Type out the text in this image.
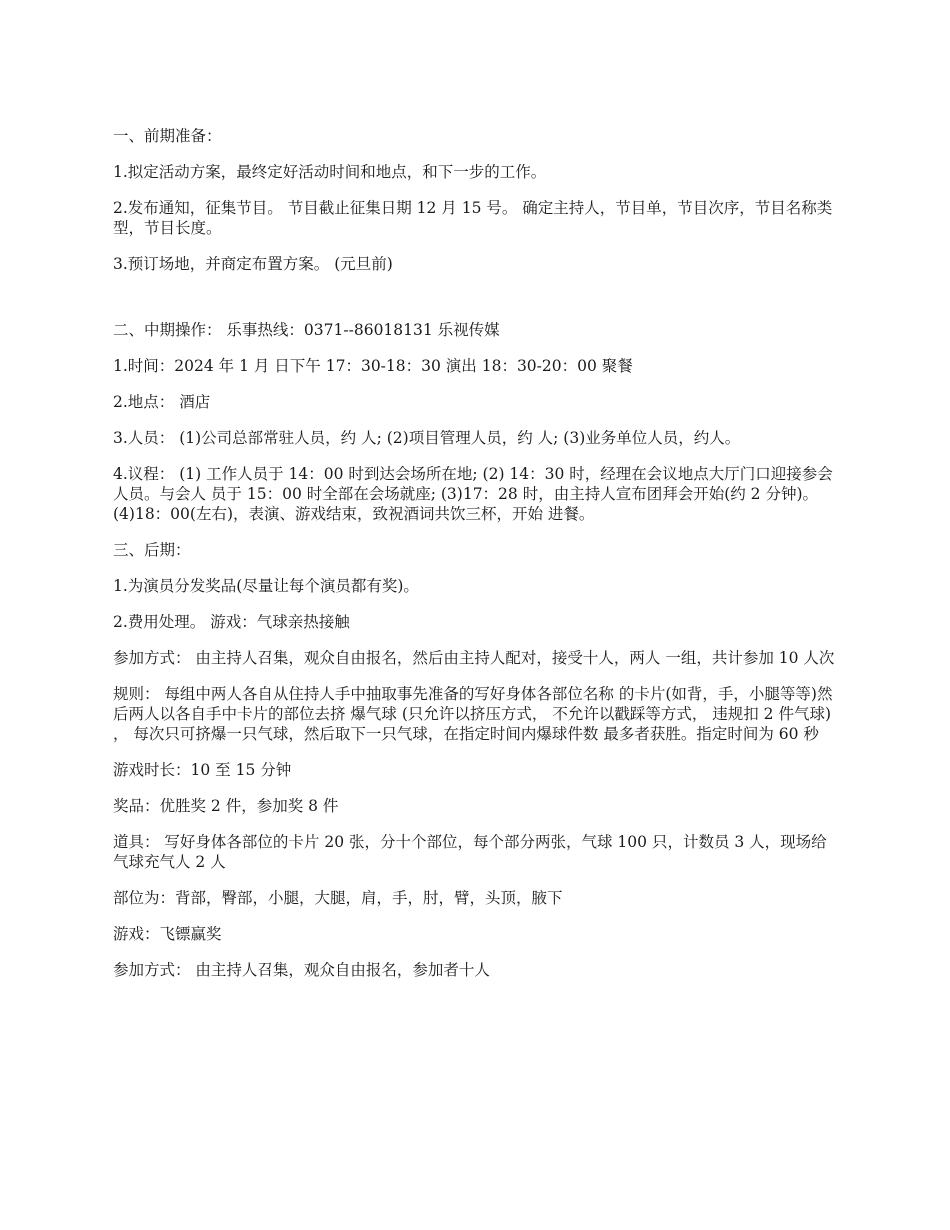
一、前期准备：

1.拟定活动方案，最终定好活动时间和地点，和下一步的工作。

2.发布通知，征集节目。 节目截止征集日期 12 月 15 号。 确定主持人，节目单，节目次序，节目名称类型，节目长度。

3.预订场地，并商定布置方案。 (元旦前)

二、中期操作： 乐事热线：0371--86018131 乐视传媒

1.时间：2024 年 1 月 日下午 17：30-18：30 演出 18：30-20：00 聚餐

2.地点： 酒店

3.人员： (1)公司总部常驻人员，约 人; (2)项目管理人员，约 人; (3)业务单位人员，约人。

4.议程： (1) 工作人员于 14：00 时到达会场所在地; (2) 14：30 时，经理在会议地点大厅门口迎接参会人员。与会人 员于 15：00 时全部在会场就座; (3)17：28 时，由主持人宣布团拜会开始(约 2 分钟)。 (4)18：00(左右)，表演、游戏结束，致祝酒词共饮三杯，开始 进餐。

三、后期：

1.为演员分发奖品(尽量让每个演员都有奖)。

2.费用处理。 游戏：气球亲热接触

参加方式： 由主持人召集，观众自由报名，然后由主持人配对，接受十人，两人 一组，共计参加 10 人次

规则： 每组中两人各自从住持人手中抽取事先准备的写好身体各部位名称 的卡片(如背，手，小腿等等)然后两人以各自手中卡片的部位去挤 爆气球 (只允许以挤压方式， 不允许以戳踩等方式， 违规扣 2 件气球) ， 每次只可挤爆一只气球，然后取下一只气球，在指定时间内爆球件数 最多者获胜。指定时间为 60 秒

游戏时长：10 至 15 分钟

奖品：优胜奖 2 件，参加奖 8 件

道具： 写好身体各部位的卡片 20 张，分十个部位，每个部分两张，气球 100 只，计数员 3 人，现场给气球充气人 2 人

部位为：背部，臀部，小腿，大腿，肩，手，肘，臂，头顶，腋下

游戏：飞镖赢奖

参加方式： 由主持人召集，观众自由报名，参加者十人
